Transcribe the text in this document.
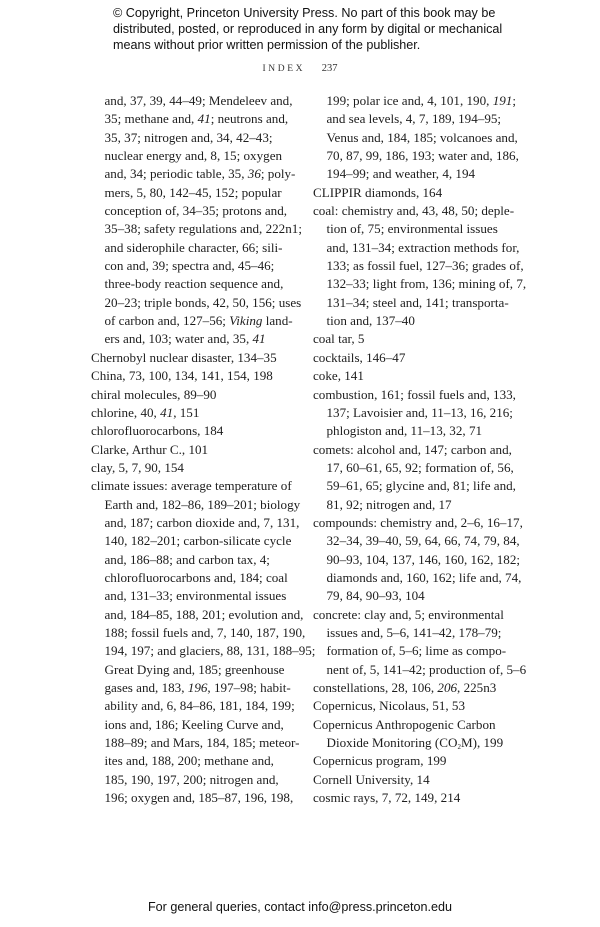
© Copyright, Princeton University Press. No part of this book may be
distributed, posted, or reproduced in any form by digital or mechanical
means without prior written permission of the publisher.
INDEX 237
and, 37, 39, 44–49; Mendeleev and,
35; methane and, 41; neutrons and,
35, 37; nitrogen and, 34, 42–43;
nuclear energy and, 8, 15; oxygen
and, 34; periodic table, 35, 36; poly-
mers, 5, 80, 142–45, 152; popular
conception of, 34–35; protons and,
35–38; safety regulations and, 222n1;
and siderophile character, 66; sili-
con and, 39; spectra and, 45–46;
three-body reaction sequence and,
20–23; triple bonds, 42, 50, 156; uses
of carbon and, 127–56; Viking land-
ers and, 103; water and, 35, 41
Chernobyl nuclear disaster, 134–35
China, 73, 100, 134, 141, 154, 198
chiral molecules, 89–90
chlorine, 40, 41, 151
chlorofluorocarbons, 184
Clarke, Arthur C., 101
clay, 5, 7, 90, 154
climate issues: average temperature of
Earth and, 182–86, 189–201; biology
and, 187; carbon dioxide and, 7, 131,
140, 182–201; carbon-silicate cycle
and, 186–88; and carbon tax, 4;
chlorofluorocarbons and, 184; coal
and, 131–33; environmental issues
and, 184–85, 188, 201; evolution and,
188; fossil fuels and, 7, 140, 187, 190,
194, 197; and glaciers, 88, 131, 188–95;
Great Dying and, 185; greenhouse
gases and, 183, 196, 197–98; habit-
ability and, 6, 84–86, 181, 184, 199;
ions and, 186; Keeling Curve and,
188–89; and Mars, 184, 185; meteor-
ites and, 188, 200; methane and,
185, 190, 197, 200; nitrogen and,
196; oxygen and, 185–87, 196, 198,
199; polar ice and, 4, 101, 190, 191;
and sea levels, 4, 7, 189, 194–95;
Venus and, 184, 185; volcanoes and,
70, 87, 99, 186, 193; water and, 186,
194–99; and weather, 4, 194
CLIPPIR diamonds, 164
coal: chemistry and, 43, 48, 50; deple-
tion of, 75; environmental issues
and, 131–34; extraction methods for,
133; as fossil fuel, 127–36; grades of,
132–33; light from, 136; mining of, 7,
131–34; steel and, 141; transporta-
tion and, 137–40
coal tar, 5
cocktails, 146–47
coke, 141
combustion, 161; fossil fuels and, 133,
137; Lavoisier and, 11–13, 16, 216;
phlogiston and, 11–13, 32, 71
comets: alcohol and, 147; carbon and,
17, 60–61, 65, 92; formation of, 56,
59–61, 65; glycine and, 81; life and,
81, 92; nitrogen and, 17
compounds: chemistry and, 2–6, 16–17,
32–34, 39–40, 59, 64, 66, 74, 79, 84,
90–93, 104, 137, 146, 160, 162, 182;
diamonds and, 160, 162; life and, 74,
79, 84, 90–93, 104
concrete: clay and, 5; environmental
issues and, 5–6, 141–42, 178–79;
formation of, 5–6; lime as compo-
nent of, 5, 141–42; production of, 5–6
constellations, 28, 106, 206, 225n3
Copernicus, Nicolaus, 51, 53
Copernicus Anthropogenic Carbon
Dioxide Monitoring $(CO_2M)$, 199
Copernicus program, 199
Cornell University, 14
cosmic rays, 7, 72, 149, 214
For general queries, contact info@press.princeton.edu
